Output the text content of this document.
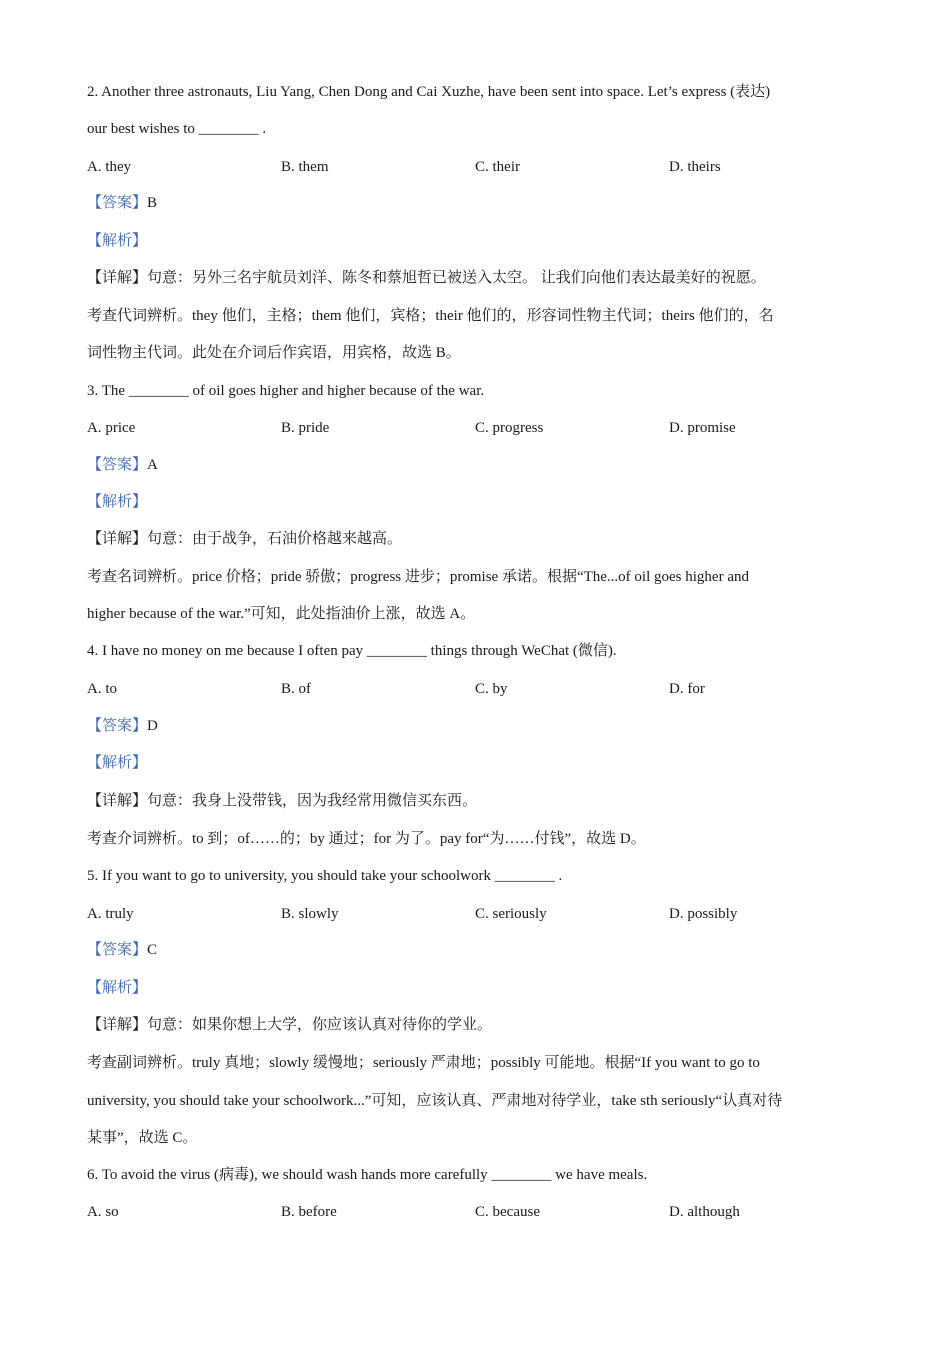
2. Another three astronauts, Liu Yang, Chen Dong and Cai Xuzhe, have been sent into space. Let’s express (表达)
our best wishes to ________ .
A. they	B. them	C. their	D. theirs
【答案】B
【解析】
【详解】句意：另外三名宇航员刘洋、陈冬和蔡旭哲已被送入太空。 让我们向他们表达最美好的祝愿。
考查代词辨析。they 他们，主格；them 他们，宾格；their 他们的，形容词性物主代词；theirs 他们的，名
词性物主代词。此处在介词后作宾语，用宾格，故选 B。
3. The ________ of oil goes higher and higher because of the war.
A. price	B. pride	C. progress	D. promise
【答案】A
【解析】
【详解】句意：由于战争，石油价格越来越高。
考查名词辨析。price 价格；pride 骄傲；progress 进步；promise 承诺。根据“The...of oil goes higher and
higher because of the war.”可知，此处指油价上涨，故选 A。
4. I have no money on me because I often pay ________ things through WeChat (微信).
A. to	B. of	C. by	D. for
【答案】D
【解析】
【详解】句意：我身上没带钱，因为我经常用微信买东西。
考查介词辨析。to 到；of……的；by 通过；for 为了。pay for“为……付钱”，故选 D。
5. If you want to go to university, you should take your schoolwork ________ .
A. truly	B. slowly	C. seriously	D. possibly
【答案】C
【解析】
【详解】句意：如果你想上大学，你应该认真对待你的学业。
考查副词辨析。truly 真地；slowly 缓慢地；seriously 严肃地；possibly 可能地。根据“If you want to go to
university, you should take your schoolwork...”可知，应该认真、严肃地对待学业，take sth seriously“认真对待
某事”，故选 C。
6. To avoid the virus (病毒), we should wash hands more carefully ________ we have meals.
A. so	B. before	C. because	D. although
